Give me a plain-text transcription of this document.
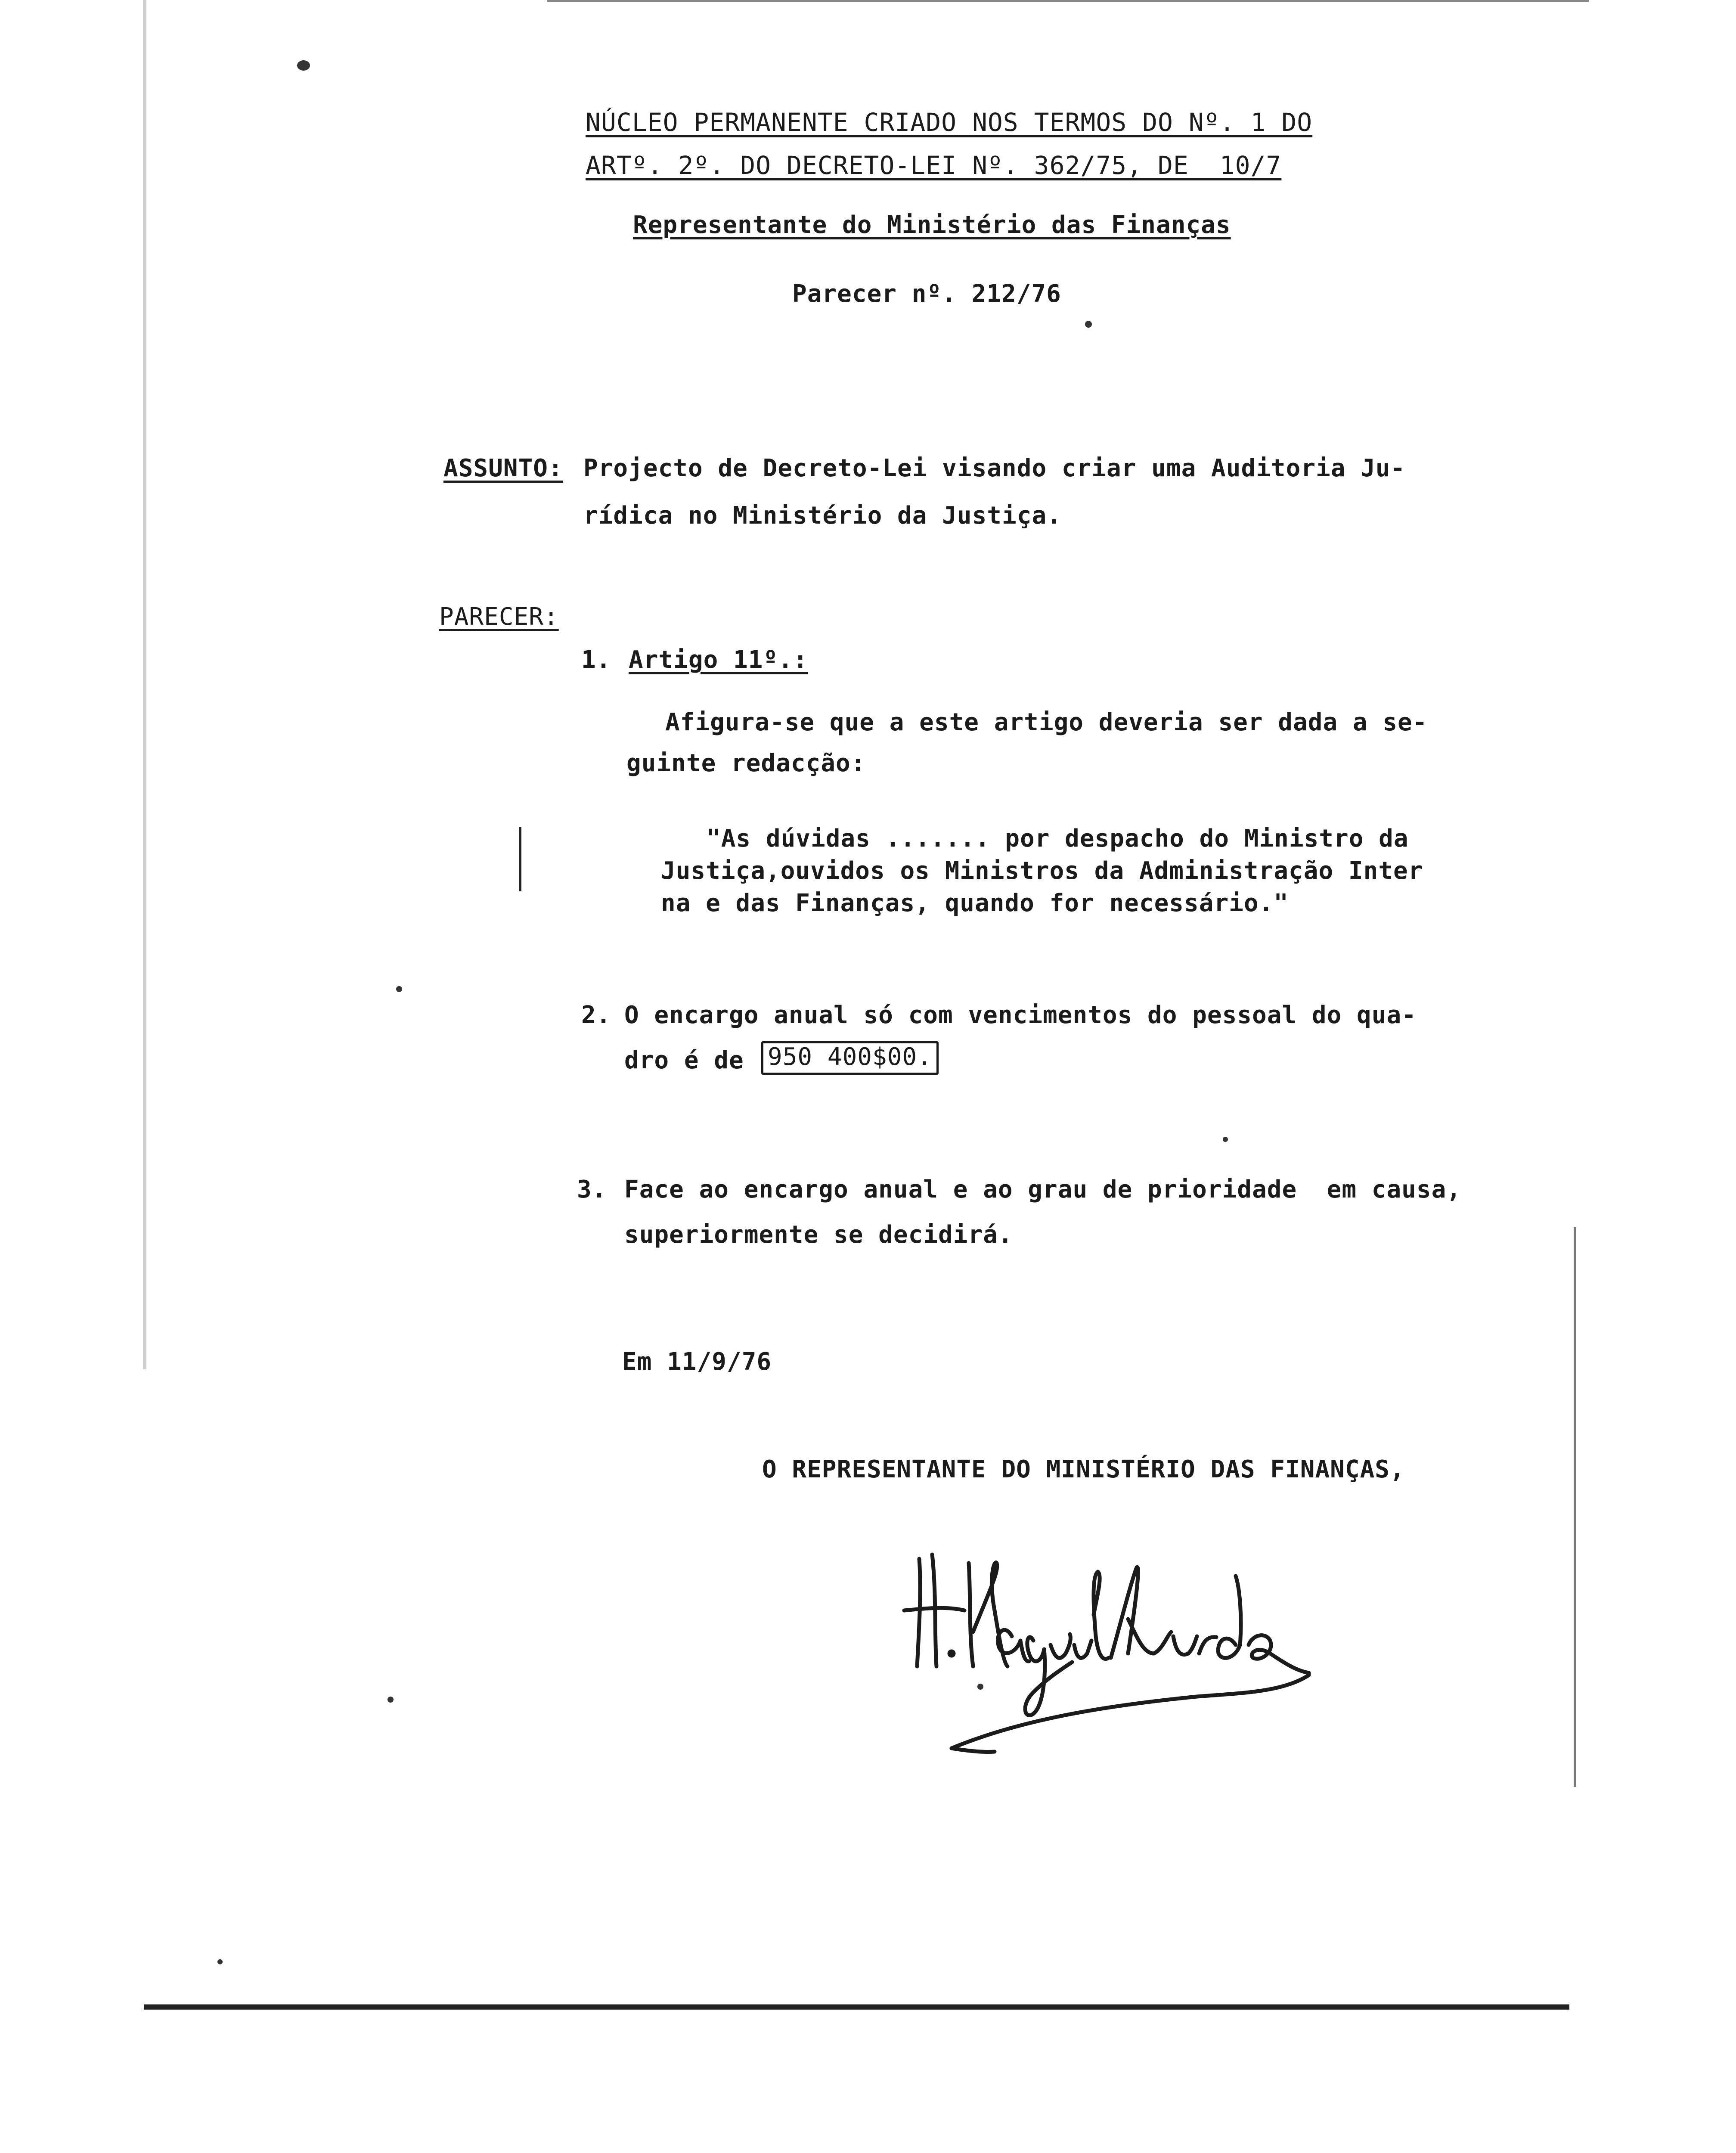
NÚCLEO PERMANENTE CRIADO NOS TERMOS DO Nº. 1 DO
ARTº. 2º. DO DECRETO-LEI Nº. 362/75, DE  10/7
Representante do Ministério das Finanças
Parecer nº. 212/76
ASSUNTO: Projecto de Decreto-Lei visando criar uma Auditoria Ju-
rídica no Ministério da Justiça.
PARECER:
1. Artigo 11º.:
Afigura-se que a este artigo deveria ser dada a se-
guinte redacção:
"As dúvidas ....... por despacho do Ministro da
Justiça,ouvidos os Ministros da Administração Inter
na e das Finanças, quando for necessário."
2. O encargo anual só com vencimentos do pessoal do qua-
dro é de 950 400$00.
3. Face ao encargo anual e ao grau de prioridade  em causa,
superiormente se decidirá.
Em 11/9/76
O REPRESENTANTE DO MINISTÉRIO DAS FINANÇAS,
